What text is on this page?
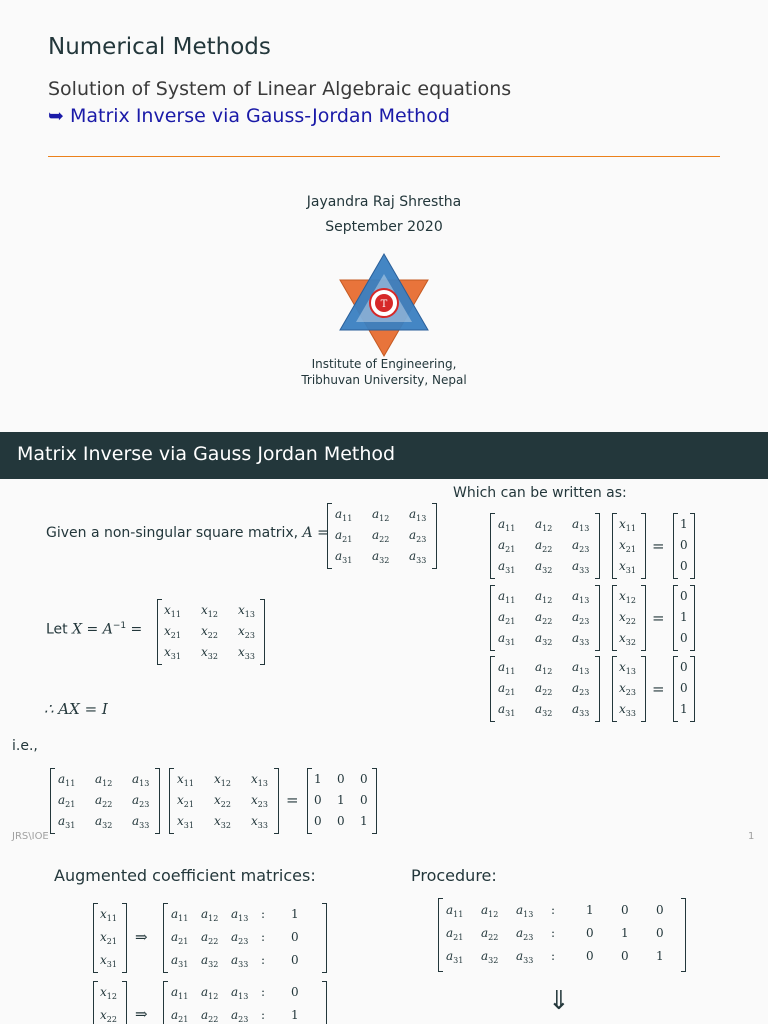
Numerical Methods
Solution of System of Linear Algebraic equations
➥ Matrix Inverse via Gauss-Jordan Method
Jayandra Raj Shrestha
September 2020
T
Institute of Engineering,
Tribhuvan University, Nepal
Matrix Inverse via Gauss Jordan Method
Which can be written as:
Given a non-singular square matrix, A =
$a_{11}$ $a_{12}$ $a_{13}$
$a_{21}$ $a_{22}$ $a_{23}$
$a_{31}$ $a_{32}$ $a_{33}$
Let $X = A^{-1}$ =
$x_{11}$ $x_{12}$ $x_{13}$
$x_{21}$ $x_{22}$ $x_{23}$
$x_{31}$ $x_{32}$ $x_{33}$
∴ AX = I
i.e.,
$a_{11}$ $a_{12}$ $a_{13}$
$a_{21}$ $a_{22}$ $a_{23}$
$a_{31}$ $a_{32}$ $a_{33}$
$x_{11}$ $x_{12}$ $x_{13}$
$x_{21}$ $x_{22}$ $x_{23}$
$x_{31}$ $x_{32}$ $x_{33}$
=
1 0 0
0 1 0
0 0 1
$a_{11}$ $a_{12}$ $a_{13}$
$a_{21}$ $a_{22}$ $a_{23}$
$a_{31}$ $a_{32}$ $a_{33}$
$x_{11}$
$x_{21}$
$x_{31}$
=
1
0
0
$a_{11}$ $a_{12}$ $a_{13}$
$a_{21}$ $a_{22}$ $a_{23}$
$a_{31}$ $a_{32}$ $a_{33}$
$x_{12}$
$x_{22}$
$x_{32}$
=
0
1
0
$a_{11}$ $a_{12}$ $a_{13}$
$a_{21}$ $a_{22}$ $a_{23}$
$a_{31}$ $a_{32}$ $a_{33}$
$x_{13}$
$x_{23}$
$x_{33}$
=
0
0
1
JRS\IOE	1
Augmented coefficient matrices:	Procedure:
$x_{11}$
$x_{21}$
$x_{31}$
⇒
$a_{11}$ $a_{12}$ $a_{13}$ : 1
$a_{21}$ $a_{22}$ $a_{23}$ : 0
$a_{31}$ $a_{32}$ $a_{33}$ : 0
$x_{12}$
$x_{22}$ ⇒
$a_{11}$ $a_{12}$ $a_{13}$ : 0
$a_{21}$ $a_{22}$ $a_{23}$ : 1
$a_{11}$ $a_{12}$ $a_{13}$ :	1 0 0
$a_{21}$ $a_{22}$ $a_{23}$ :	0 1 0
$a_{31}$ $a_{32}$ $a_{33}$ :	0 0 1
⇓
